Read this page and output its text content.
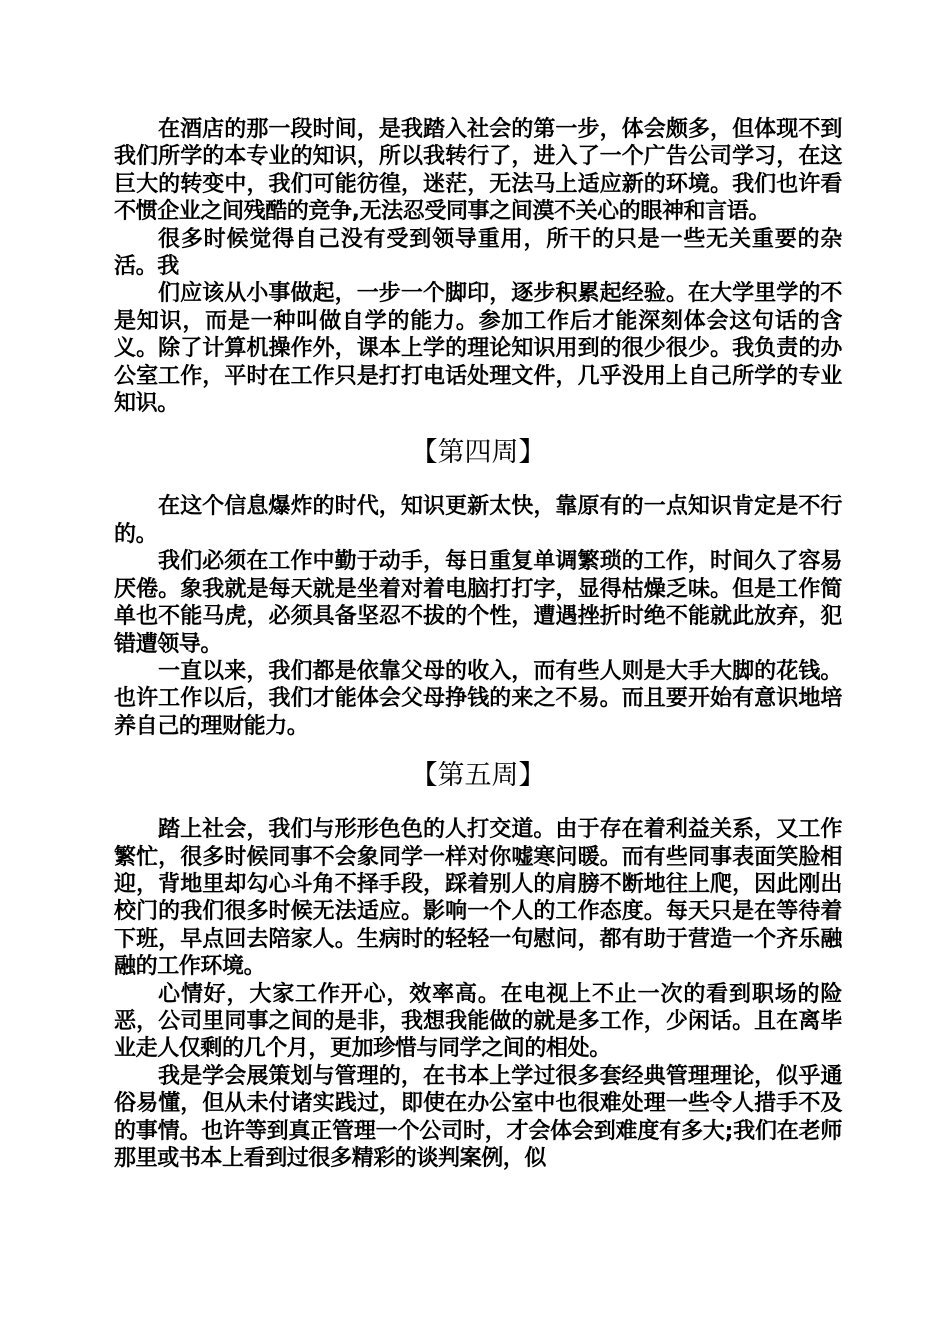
在酒店的那一段时间，是我踏入社会的第一步，体会颇多，但体现不到我们所学的本专业的知识，所以我转行了，进入了一个广告公司学习，在这巨大的转变中，我们可能彷徨，迷茫，无法马上适应新的环境。我们也许看不惯企业之间残酷的竞争,无法忍受同事之间漠不关心的眼神和言语。

很多时候觉得自己没有受到领导重用，所干的只是一些无关重要的杂活。我

们应该从小事做起，一步一个脚印，逐步积累起经验。在大学里学的不是知识，而是一种叫做自学的能力。参加工作后才能深刻体会这句话的含义。除了计算机操作外，课本上学的理论知识用到的很少很少。我负责的办公室工作，平时在工作只是打打电话处理文件，几乎没用上自己所学的专业知识。

【第四周】

在这个信息爆炸的时代，知识更新太快，靠原有的一点知识肯定是不行的。

我们必须在工作中勤于动手，每日重复单调繁琐的工作，时间久了容易厌倦。象我就是每天就是坐着对着电脑打打字，显得枯燥乏味。但是工作简单也不能马虎，必须具备坚忍不拔的个性，遭遇挫折时绝不能就此放弃，犯错遭领导。

一直以来，我们都是依靠父母的收入，而有些人则是大手大脚的花钱。也许工作以后，我们才能体会父母挣钱的来之不易。而且要开始有意识地培养自己的理财能力。

【第五周】

踏上社会，我们与形形色色的人打交道。由于存在着利益关系，又工作繁忙，很多时候同事不会象同学一样对你嘘寒问暖。而有些同事表面笑脸相迎，背地里却勾心斗角不择手段，踩着别人的肩膀不断地往上爬，因此刚出校门的我们很多时候无法适应。影响一个人的工作态度。每天只是在等待着下班，早点回去陪家人。生病时的轻轻一句慰问，都有助于营造一个齐乐融融的工作环境。

心情好，大家工作开心，效率高。在电视上不止一次的看到职场的险恶，公司里同事之间的是非，我想我能做的就是多工作，少闲话。且在离毕业走人仅剩的几个月，更加珍惜与同学之间的相处。

我是学会展策划与管理的，在书本上学过很多套经典管理理论，似乎通俗易懂，但从未付诸实践过，即使在办公室中也很难处理一些令人措手不及的事情。也许等到真正管理一个公司时，才会体会到难度有多大;我们在老师那里或书本上看到过很多精彩的谈判案例，似
